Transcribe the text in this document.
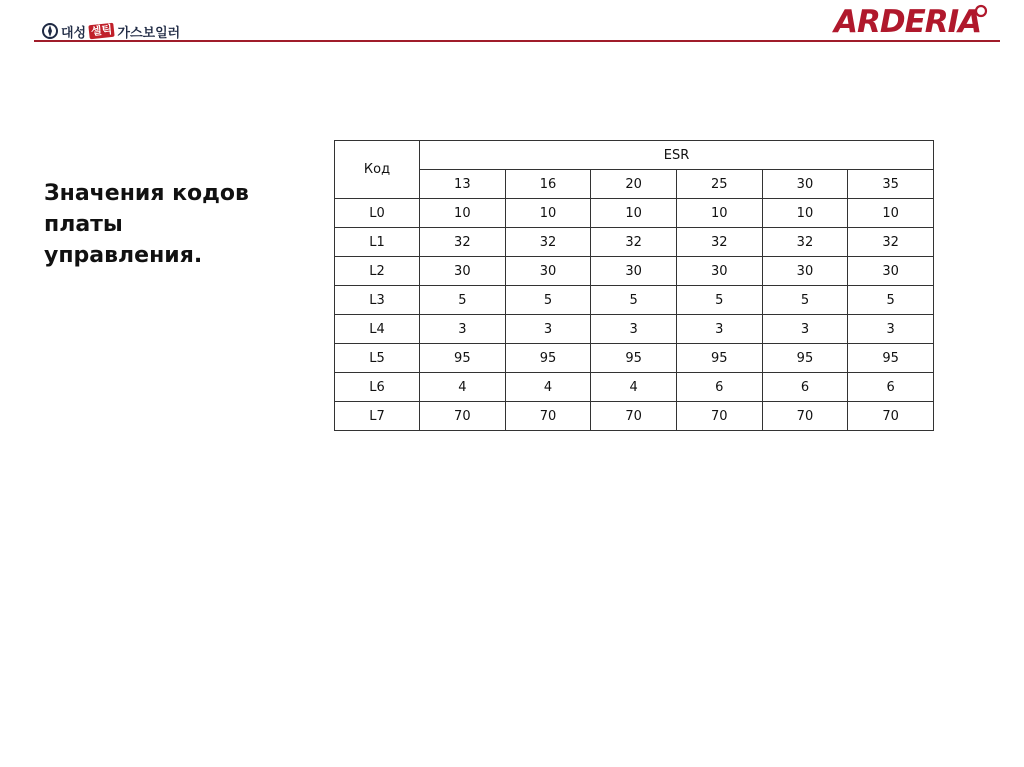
대성 셀틱 가스보일러	ARDERIA
Значения кодов
платы
управления.
Код	ESR					
	13	16	20	25	30	35
L0	10	10	10	10	10	10
L1	32	32	32	32	32	32
L2	30	30	30	30	30	30
L3	5	5	5	5	5	5
L4	3	3	3	3	3	3
L5	95	95	95	95	95	95
L6	4	4	4	6	6	6
L7	70	70	70	70	70	70
